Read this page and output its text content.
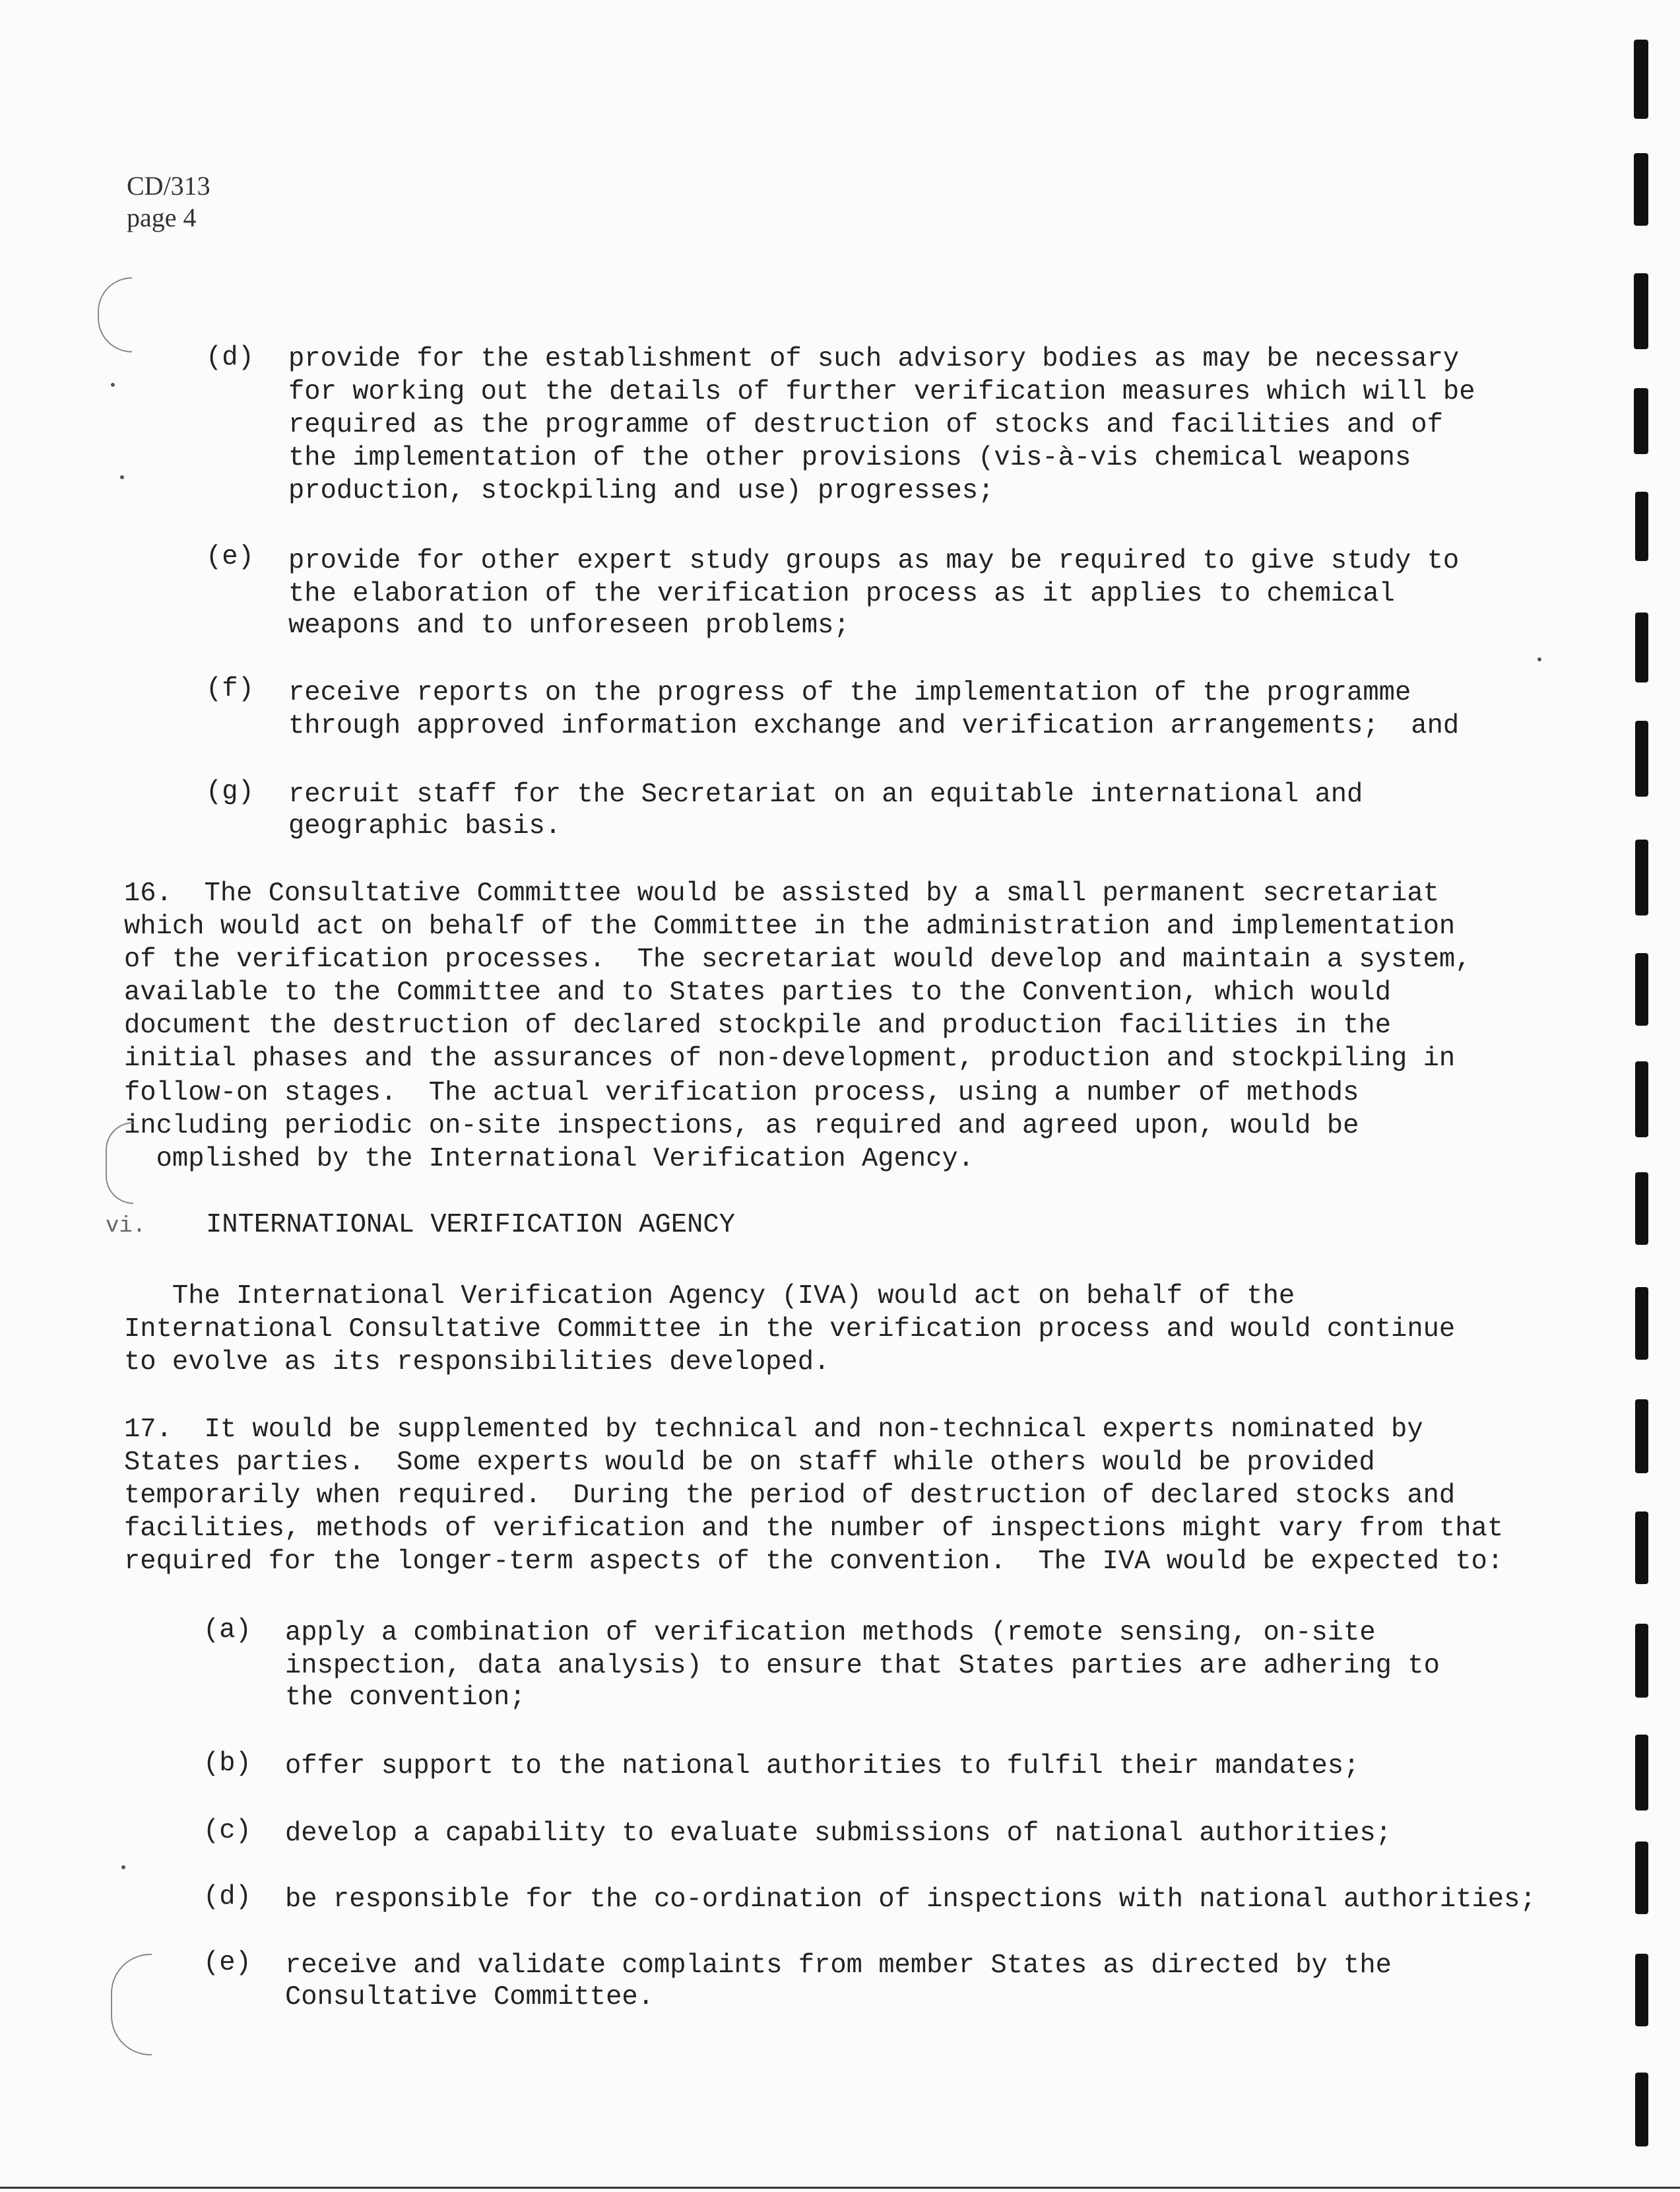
CD/313
page 4
(d) provide for the establishment of such advisory bodies as may be necessary
for working out the details of further verification measures which will be
required as the programme of destruction of stocks and facilities and of
the implementation of the other provisions (vis-à-vis chemical weapons
production, stockpiling and use) progresses;
(e) provide for other expert study groups as may be required to give study to
the elaboration of the verification process as it applies to chemical
weapons and to unforeseen problems;
(f) receive reports on the progress of the implementation of the programme
through approved information exchange and verification arrangements;  and
(g) recruit staff for the Secretariat on an equitable international and
geographic basis.
16.  The Consultative Committee would be assisted by a small permanent secretariat
which would act on behalf of the Committee in the administration and implementation
of the verification processes.  The secretariat would develop and maintain a system,
available to the Committee and to States parties to the Convention, which would
document the destruction of declared stockpile and production facilities in the
initial phases and the assurances of non-development, production and stockpiling in
follow-on stages.  The actual verification process, using a number of methods
including periodic on-site inspections, as required and agreed upon, would be
omplished by the International Verification Agency.
vi. INTERNATIONAL VERIFICATION AGENCY
The International Verification Agency (IVA) would act on behalf of the
International Consultative Committee in the verification process and would continue
to evolve as its responsibilities developed.
17.  It would be supplemented by technical and non-technical experts nominated by
States parties.  Some experts would be on staff while others would be provided
temporarily when required.  During the period of destruction of declared stocks and
facilities, methods of verification and the number of inspections might vary from that
required for the longer-term aspects of the convention.  The IVA would be expected to:
(a) apply a combination of verification methods (remote sensing, on-site
inspection, data analysis) to ensure that States parties are adhering to
the convention;
(b) offer support to the national authorities to fulfil their mandates;
(c) develop a capability to evaluate submissions of national authorities;
(d) be responsible for the co-ordination of inspections with national authorities;
(e) receive and validate complaints from member States as directed by the
Consultative Committee.
